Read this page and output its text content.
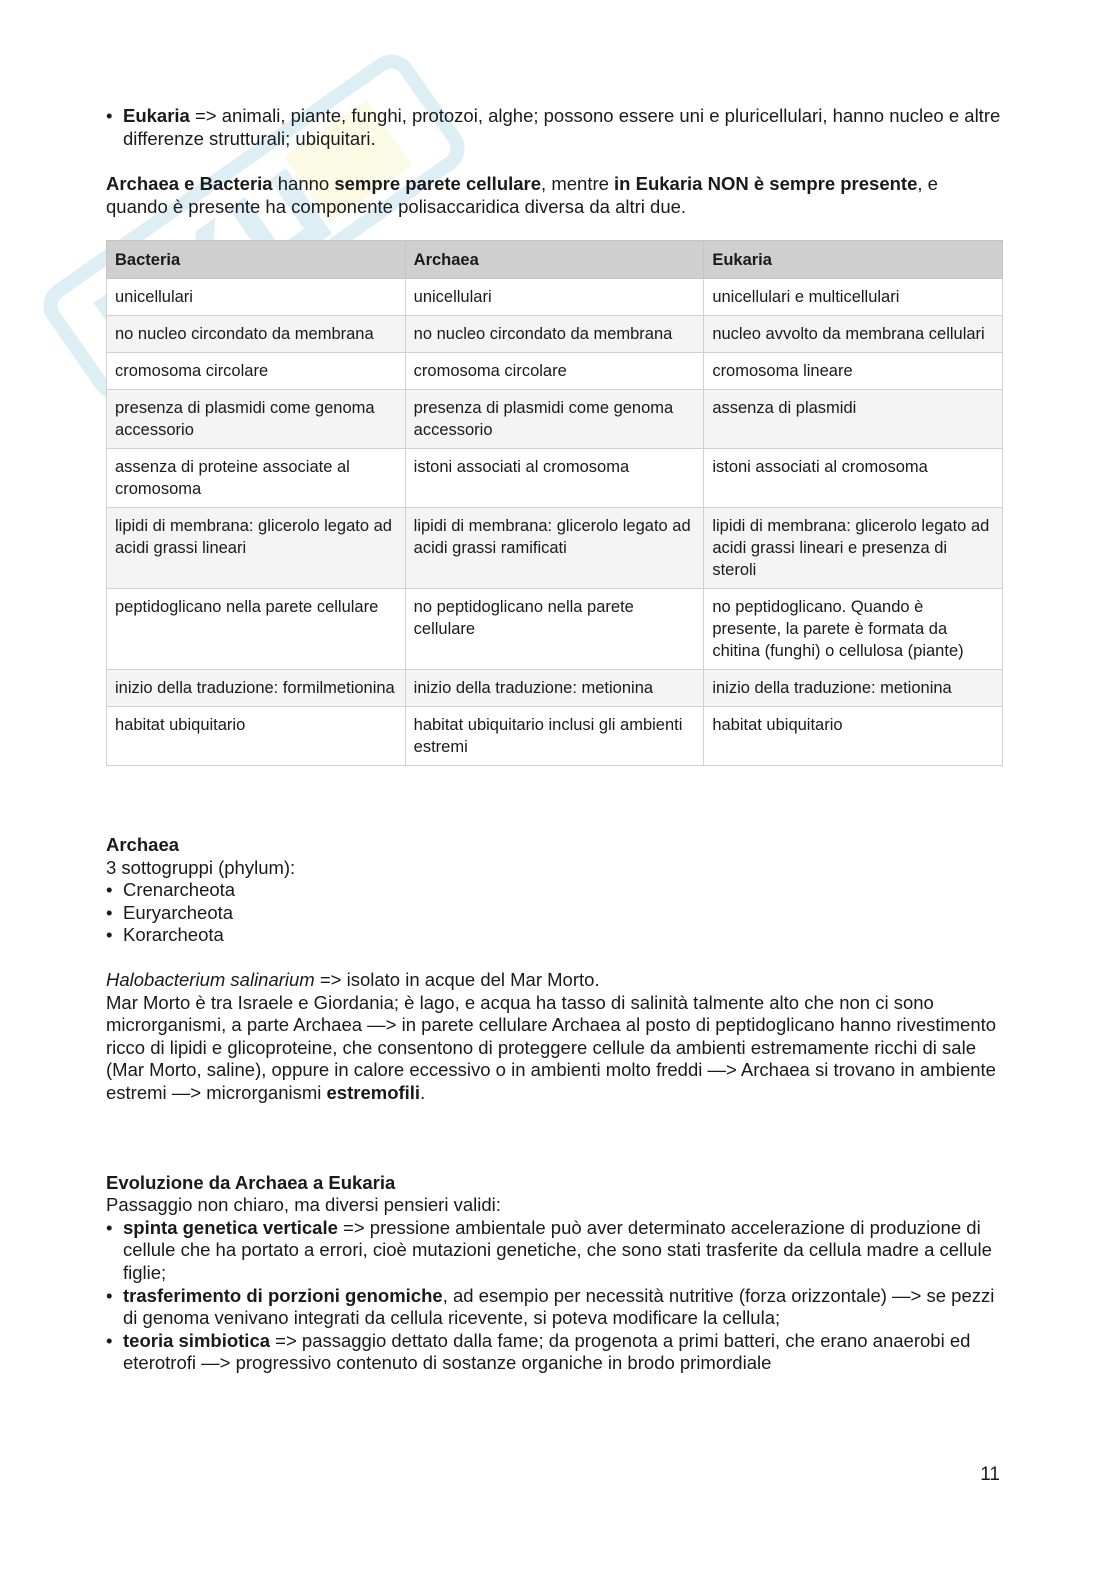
• Eukaria => animali, piante, funghi, protozoi, alghe; possono essere uni e pluricellulari, hanno nucleo e altre differenze strutturali; ubiquitari.

Archaea e Bacteria hanno sempre parete cellulare, mentre in Eukaria NON è sempre presente, e quando è presente ha componente polisaccaridica diversa da altri due.

Bacteria	Archaea	Eukaria
unicellulari	unicellulari	unicellulari e multicellulari
no nucleo circondato da membrana	no nucleo circondato da membrana	nucleo avvolto da membrana cellulari
cromosoma circolare	cromosoma circolare	cromosoma lineare
presenza di plasmidi come genoma accessorio	presenza di plasmidi come genoma accessorio	assenza di plasmidi
assenza di proteine associate al cromosoma	istoni associati al cromosoma	istoni associati al cromosoma
lipidi di membrana: glicerolo legato ad acidi grassi lineari	lipidi di membrana: glicerolo legato ad acidi grassi ramificati	lipidi di membrana: glicerolo legato ad acidi grassi lineari e presenza di steroli
peptidoglicano nella parete cellulare	no peptidoglicano nella parete cellulare	no peptidoglicano. Quando è presente, la parete è formata da chitina (funghi) o cellulosa (piante)
inizio della traduzione: formilmetionina	inizio della traduzione: metionina	inizio della traduzione: metionina
habitat ubiquitario	habitat ubiquitario inclusi gli ambienti estremi	habitat ubiquitario
Archaea
3 sottogruppi (phylum):
• Crenarcheota
• Euryarcheota
• Korarcheota
Halobacterium salinarium => isolato in acque del Mar Morto.
Mar Morto è tra Israele e Giordania; è lago, e acqua ha tasso di salinità talmente alto che non ci sono microrganismi, a parte Archaea —> in parete cellulare Archaea al posto di peptidoglicano hanno rivestimento ricco di lipidi e glicoproteine, che consentono di proteggere cellule da ambienti estremamente ricchi di sale (Mar Morto, saline), oppure in calore eccessivo o in ambienti molto freddi —> Archaea si trovano in ambiente estremi —> microrganismi estremofili.
Evoluzione da Archaea a Eukaria
Passaggio non chiaro, ma diversi pensieri validi:
• spinta genetica verticale => pressione ambientale può aver determinato accelerazione di produzione di cellule che ha portato a errori, cioè mutazioni genetiche, che sono stati trasferite da cellula madre a cellule figlie;
• trasferimento di porzioni genomiche, ad esempio per necessità nutritive (forza orizzontale) —> se pezzi di genoma venivano integrati da cellula ricevente, si poteva modificare la cellula;
• teoria simbiotica => passaggio dettato dalla fame; da progenota a primi batteri, che erano anaerobi ed eterotrofi —> progressivo contenuto di sostanze organiche in brodo primordiale
11
